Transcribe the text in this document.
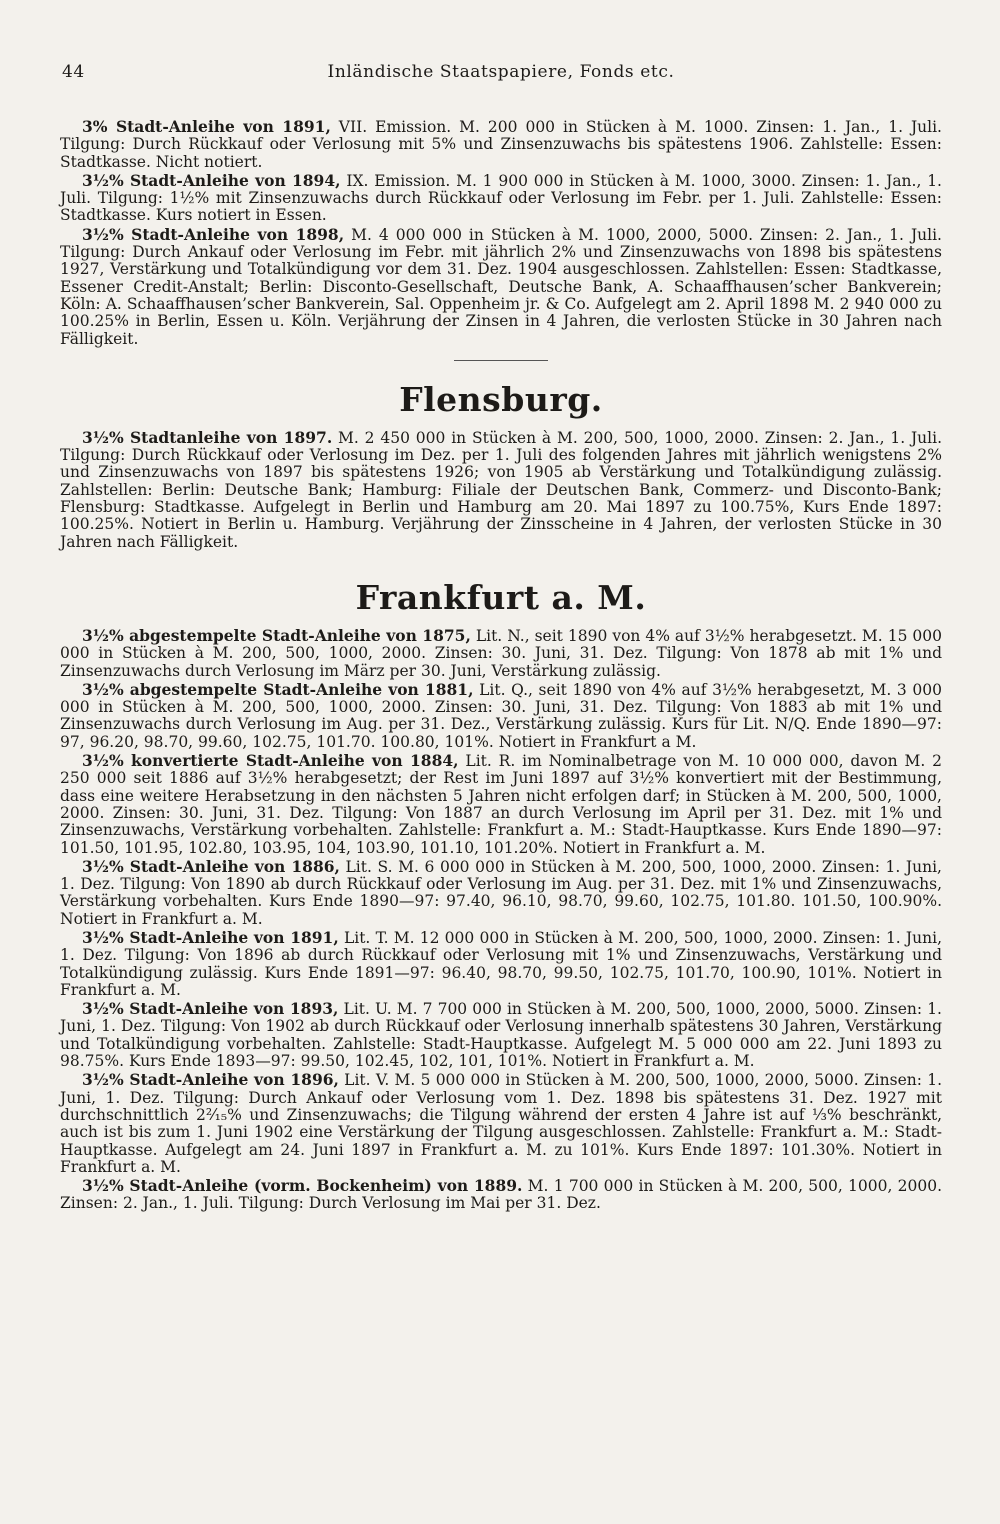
44	Inländische Staatspapiere, Fonds etc.

3% Stadt-Anleihe von 1891, VII. Emission. M. 200 000 in Stücken à M. 1000. Zinsen: 1. Jan., 1. Juli. Tilgung: Durch Rückkauf oder Verlosung mit 5% und Zinsenzuwachs bis spätestens 1906. Zahlstelle: Essen: Stadtkasse. Nicht notiert.

3½% Stadt-Anleihe von 1894, IX. Emission. M. 1 900 000 in Stücken à M. 1000, 3000. Zinsen: 1. Jan., 1. Juli. Tilgung: 1½% mit Zinsenzuwachs durch Rückkauf oder Verlosung im Febr. per 1. Juli. Zahlstelle: Essen: Stadtkasse. Kurs notiert in Essen.

3½% Stadt-Anleihe von 1898, M. 4 000 000 in Stücken à M. 1000, 2000, 5000. Zinsen: 2. Jan., 1. Juli. Tilgung: Durch Ankauf oder Verlosung im Febr. mit jährlich 2% und Zinsenzuwachs von 1898 bis spätestens 1927, Verstärkung und Totalkündigung vor dem 31. Dez. 1904 ausgeschlossen. Zahlstellen: Essen: Stadtkasse, Essener Credit-Anstalt; Berlin: Disconto-Gesellschaft, Deutsche Bank, A. Schaaffhausen’scher Bankverein; Köln: A. Schaaffhausen’scher Bankverein, Sal. Oppenheim jr. & Co. Aufgelegt am 2. April 1898 M. 2 940 000 zu 100.25% in Berlin, Essen u. Köln. Verjährung der Zinsen in 4 Jahren, die verlosten Stücke in 30 Jahren nach Fälligkeit.

Flensburg.

3½% Stadtanleihe von 1897. M. 2 450 000 in Stücken à M. 200, 500, 1000, 2000. Zinsen: 2. Jan., 1. Juli. Tilgung: Durch Rückkauf oder Verlosung im Dez. per 1. Juli des folgenden Jahres mit jährlich wenigstens 2% und Zinsenzuwachs von 1897 bis spätestens 1926; von 1905 ab Verstärkung und Totalkündigung zulässig. Zahlstellen: Berlin: Deutsche Bank; Hamburg: Filiale der Deutschen Bank, Commerz- und Disconto-Bank; Flensburg: Stadtkasse. Aufgelegt in Berlin und Hamburg am 20. Mai 1897 zu 100.75%, Kurs Ende 1897: 100.25%. Notiert in Berlin u. Hamburg. Verjährung der Zinsscheine in 4 Jahren, der verlosten Stücke in 30 Jahren nach Fälligkeit.

Frankfurt a. M.

3½% abgestempelte Stadt-Anleihe von 1875, Lit. N., seit 1890 von 4% auf 3½% herabgesetzt. M. 15 000 000 in Stücken à M. 200, 500, 1000, 2000. Zinsen: 30. Juni, 31. Dez. Tilgung: Von 1878 ab mit 1% und Zinsenzuwachs durch Verlosung im März per 30. Juni, Verstärkung zulässig.

3½% abgestempelte Stadt-Anleihe von 1881, Lit. Q., seit 1890 von 4% auf 3½% herabgesetzt, M. 3 000 000 in Stücken à M. 200, 500, 1000, 2000. Zinsen: 30. Juni, 31. Dez. Tilgung: Von 1883 ab mit 1% und Zinsenzuwachs durch Verlosung im Aug. per 31. Dez., Verstärkung zulässig. Kurs für Lit. N/Q. Ende 1890—97: 97, 96.20, 98.70, 99.60, 102.75, 101.70. 100.80, 101%. Notiert in Frankfurt a M.

3½% konvertierte Stadt-Anleihe von 1884, Lit. R. im Nominalbetrage von M. 10 000 000, davon M. 2 250 000 seit 1886 auf 3½% herabgesetzt; der Rest im Juni 1897 auf 3½% konvertiert mit der Bestimmung, dass eine weitere Herabsetzung in den nächsten 5 Jahren nicht erfolgen darf; in Stücken à M. 200, 500, 1000, 2000. Zinsen: 30. Juni, 31. Dez. Tilgung: Von 1887 an durch Verlosung im April per 31. Dez. mit 1% und Zinsenzuwachs, Verstärkung vorbehalten. Zahlstelle: Frankfurt a. M.: Stadt-Hauptkasse. Kurs Ende 1890—97: 101.50, 101.95, 102.80, 103.95, 104, 103.90, 101.10, 101.20%. Notiert in Frankfurt a. M.

3½% Stadt-Anleihe von 1886, Lit. S. M. 6 000 000 in Stücken à M. 200, 500, 1000, 2000. Zinsen: 1. Juni, 1. Dez. Tilgung: Von 1890 ab durch Rückkauf oder Verlosung im Aug. per 31. Dez. mit 1% und Zinsenzuwachs, Verstärkung vorbehalten. Kurs Ende 1890—97: 97.40, 96.10, 98.70, 99.60, 102.75, 101.80. 101.50, 100.90%. Notiert in Frankfurt a. M.

3½% Stadt-Anleihe von 1891, Lit. T. M. 12 000 000 in Stücken à M. 200, 500, 1000, 2000. Zinsen: 1. Juni, 1. Dez. Tilgung: Von 1896 ab durch Rückkauf oder Verlosung mit 1% und Zinsenzuwachs, Verstärkung und Totalkündigung zulässig. Kurs Ende 1891—97: 96.40, 98.70, 99.50, 102.75, 101.70, 100.90, 101%. Notiert in Frankfurt a. M.

3½% Stadt-Anleihe von 1893, Lit. U. M. 7 700 000 in Stücken à M. 200, 500, 1000, 2000, 5000. Zinsen: 1. Juni, 1. Dez. Tilgung: Von 1902 ab durch Rückkauf oder Verlosung innerhalb spätestens 30 Jahren, Verstärkung und Totalkündigung vorbehalten. Zahlstelle: Stadt-Hauptkasse. Aufgelegt M. 5 000 000 am 22. Juni 1893 zu 98.75%. Kurs Ende 1893—97: 99.50, 102.45, 102, 101, 101%. Notiert in Frankfurt a. M.

3½% Stadt-Anleihe von 1896, Lit. V. M. 5 000 000 in Stücken à M. 200, 500, 1000, 2000, 5000. Zinsen: 1. Juni, 1. Dez. Tilgung: Durch Ankauf oder Verlosung vom 1. Dez. 1898 bis spätestens 31. Dez. 1927 mit durchschnittlich 2²⁄₁₅% und Zinsenzuwachs; die Tilgung während der ersten 4 Jahre ist auf ⅓% beschränkt, auch ist bis zum 1. Juni 1902 eine Verstärkung der Tilgung ausgeschlossen. Zahlstelle: Frankfurt a. M.: Stadt-Hauptkasse. Aufgelegt am 24. Juni 1897 in Frankfurt a. M. zu 101%. Kurs Ende 1897: 101.30%. Notiert in Frankfurt a. M.

3½% Stadt-Anleihe (vorm. Bockenheim) von 1889. M. 1 700 000 in Stücken à M. 200, 500, 1000, 2000. Zinsen: 2. Jan., 1. Juli. Tilgung: Durch Verlosung im Mai per 31. Dez.
